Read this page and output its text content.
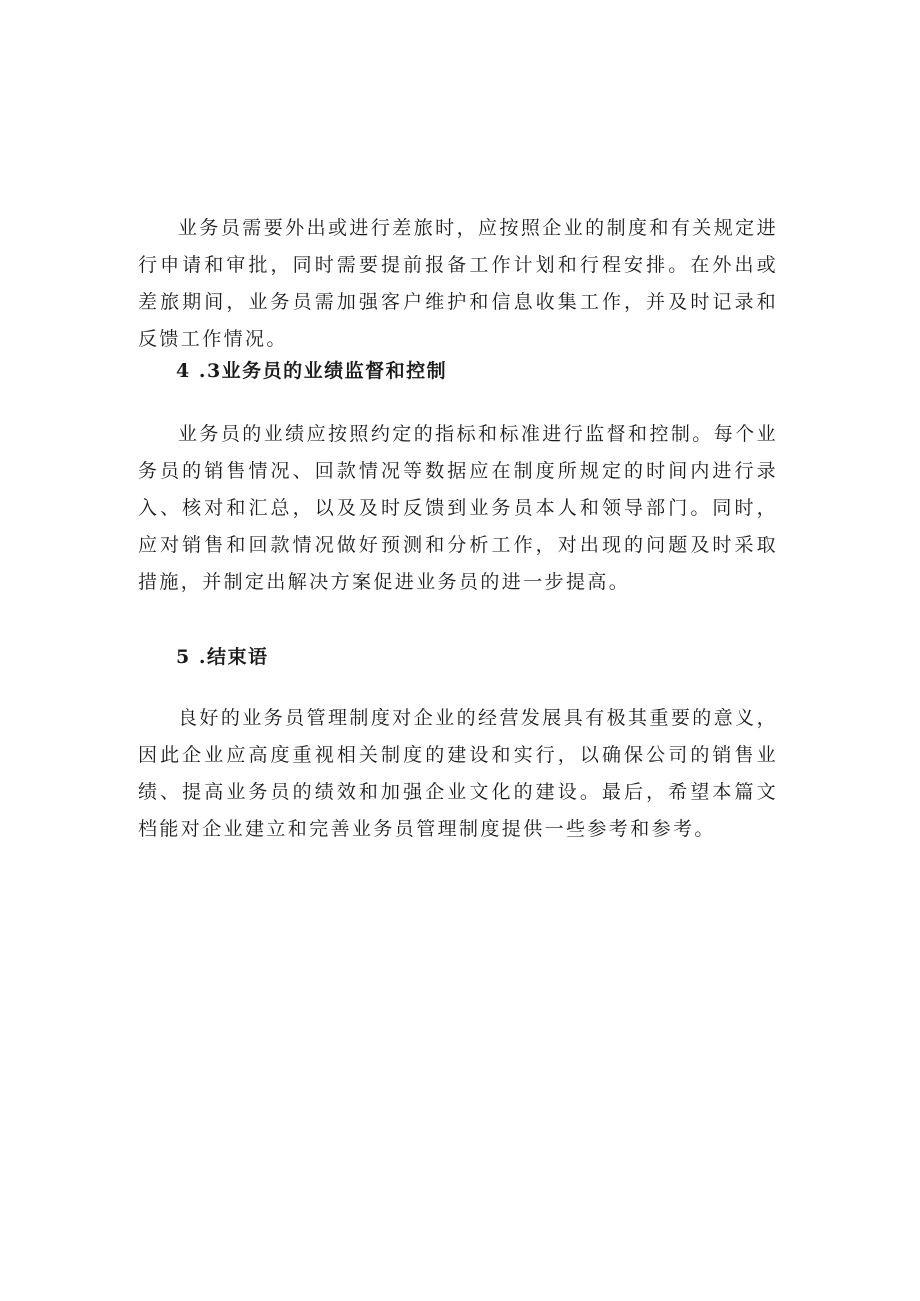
业务员需要外出或进行差旅时，应按照企业的制度和有关规定进行申请和审批，同时需要提前报备工作计划和行程安排。在外出或差旅期间，业务员需加强客户维护和信息收集工作，并及时记录和反馈工作情况。

4 .3业务员的业绩监督和控制

业务员的业绩应按照约定的指标和标准进行监督和控制。每个业务员的销售情况、回款情况等数据应在制度所规定的时间内进行录入、核对和汇总，以及及时反馈到业务员本人和领导部门。同时，应对销售和回款情况做好预测和分析工作，对出现的问题及时采取措施，并制定出解决方案促进业务员的进一步提高。

5 .结束语

良好的业务员管理制度对企业的经营发展具有极其重要的意义，因此企业应高度重视相关制度的建设和实行，以确保公司的销售业绩、提高业务员的绩效和加强企业文化的建设。最后，希望本篇文档能对企业建立和完善业务员管理制度提供一些参考和参考。
